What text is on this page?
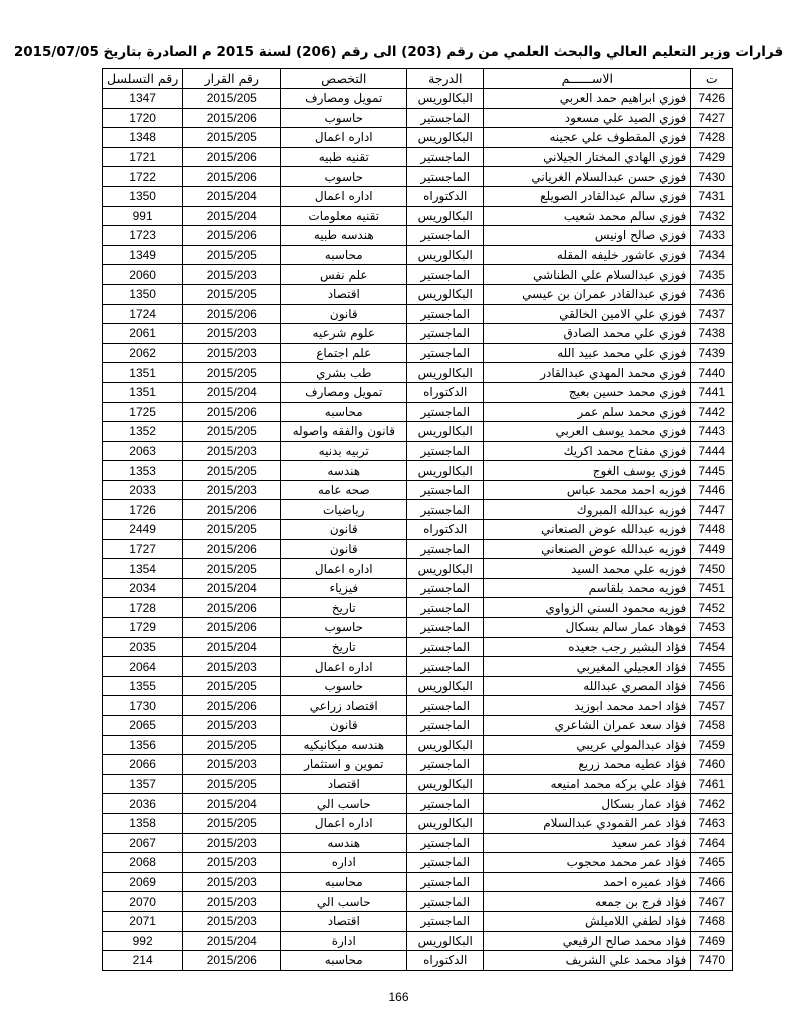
قرارات وزير التعليم العالي والبحث العلمي من رقم (203) الى رقم (206) لسنة 2015 م الصادرة بتاريخ 2015/07/05
ت	الاســــــم	الدرجة	التخصص	رقم القرار	رقم التسلسل
7426	فوزي ابراهيم حمد العربي	البكالوريس	تمويل ومصارف	2015/205	1347
7427	فوزي الصيد علي مسعود	الماجستير	حاسوب	2015/206	1720
7428	فوزي المقطوف علي عجينه	البكالوريس	اداره اعمال	2015/205	1348
7429	فوزي الهادي المختار الجيلاني	الماجستير	تقنيه طبيه	2015/206	1721
7430	فوزي حسن عبدالسلام الغرياني	الماجستير	حاسوب	2015/206	1722
7431	فوزي سالم عبدالقادر الصويلع	الدكتوراه	اداره اعمال	2015/204	1350
7432	فوزي سالم محمد شعيب	البكالوريس	تقنيه معلومات	2015/204	991
7433	فوزي صالح اونيس	الماجستير	هندسه طبيه	2015/206	1723
7434	فوزي عاشور خليفه المقله	البكالوريس	محاسبه	2015/205	1349
7435	فوزي عبدالسلام علي الطناشي	الماجستير	علم نفس	2015/203	2060
7436	فوزي عبدالقادر عمران بن عيسي	البكالوريس	اقتصاد	2015/205	1350
7437	فوزي علي الامين الخالقي	الماجستير	قانون	2015/206	1724
7438	فوزي علي محمد الصادق	الماجستير	علوم شرعيه	2015/203	2061
7439	فوزي علي محمد عبيد الله	الماجستير	علم اجتماع	2015/203	2062
7440	فوزي محمد المهدي عبدالقادر	البكالوريس	طب بشري	2015/205	1351
7441	فوزي محمد حسين بعيج	الدكتوراه	تمويل ومصارف	2015/204	1351
7442	فوزي محمد سلم عمر	الماجستير	محاسبه	2015/206	1725
7443	فوزي محمد يوسف العربي	البكالوريس	قانون والفقه واصوله	2015/205	1352
7444	فوزي مفتاح محمد اكريك	الماجستير	تربيه بدنيه	2015/203	2063
7445	فوزي يوسف الغوج	البكالوريس	هندسه	2015/205	1353
7446	فوزيه احمد محمد عباس	الماجستير	صحه عامه	2015/203	2033
7447	فوزيه عبدالله المبروك	الماجستير	رياضيات	2015/206	1726
7448	فوزيه عبدالله عوض الصنعاني	الدكتوراه	قانون	2015/205	2449
7449	فوزيه عبدالله عوض الصنعاني	الماجستير	قانون	2015/206	1727
7450	فوزيه علي محمد السيد	البكالوريس	اداره اعمال	2015/205	1354
7451	فوزيه محمد بلقاسم	الماجستير	فيزياء	2015/204	2034
7452	فوزيه محمود السني الزواوي	الماجستير	تاريخ	2015/206	1728
7453	فوهاد عمار سالم بسكال	الماجستير	حاسوب	2015/206	1729
7454	فؤاد البشير رجب جعيده	الماجستير	تاريخ	2015/204	2035
7455	فؤاد العجيلي المغيربي	الماجستير	اداره اعمال	2015/203	2064
7456	فؤاد المصري عبدالله	البكالوريس	حاسوب	2015/205	1355
7457	فؤاد احمد محمد ابوزيد	الماجستير	اقتصاد زراعي	2015/206	1730
7458	فؤاد سعد عمران الشاعري	الماجستير	قانون	2015/203	2065
7459	فؤاد عبدالمولي عريبي	البكالوريس	هندسه ميكانيكيه	2015/205	1356
7460	فؤاد عطيه محمد زريع	الماجستير	تموين و استثمار	2015/203	2066
7461	فؤاد علي بركه محمد امنيعه	البكالوريس	اقتصاد	2015/205	1357
7462	فؤاد عمار بسكال	الماجستير	حاسب الي	2015/204	2036
7463	فؤاد عمر القمودي عبدالسلام	البكالوريس	اداره اعمال	2015/205	1358
7464	فؤاد عمر سعيد	الماجستير	هندسه	2015/203	2067
7465	فؤاد عمر محمد محجوب	الماجستير	اداره	2015/203	2068
7466	فؤاد عميره احمد	الماجستير	محاسبه	2015/203	2069
7467	فؤاد فرج بن جمعه	الماجستير	حاسب الي	2015/203	2070
7468	فؤاد لطفي اللاميلش	الماجستير	اقتصاد	2015/203	2071
7469	فؤاد محمد صالح الرقيعي	البكالوريس	ادارة	2015/204	992
7470	فؤاد محمد علي الشريف	الدكتوراه	محاسبه	2015/206	214
166
